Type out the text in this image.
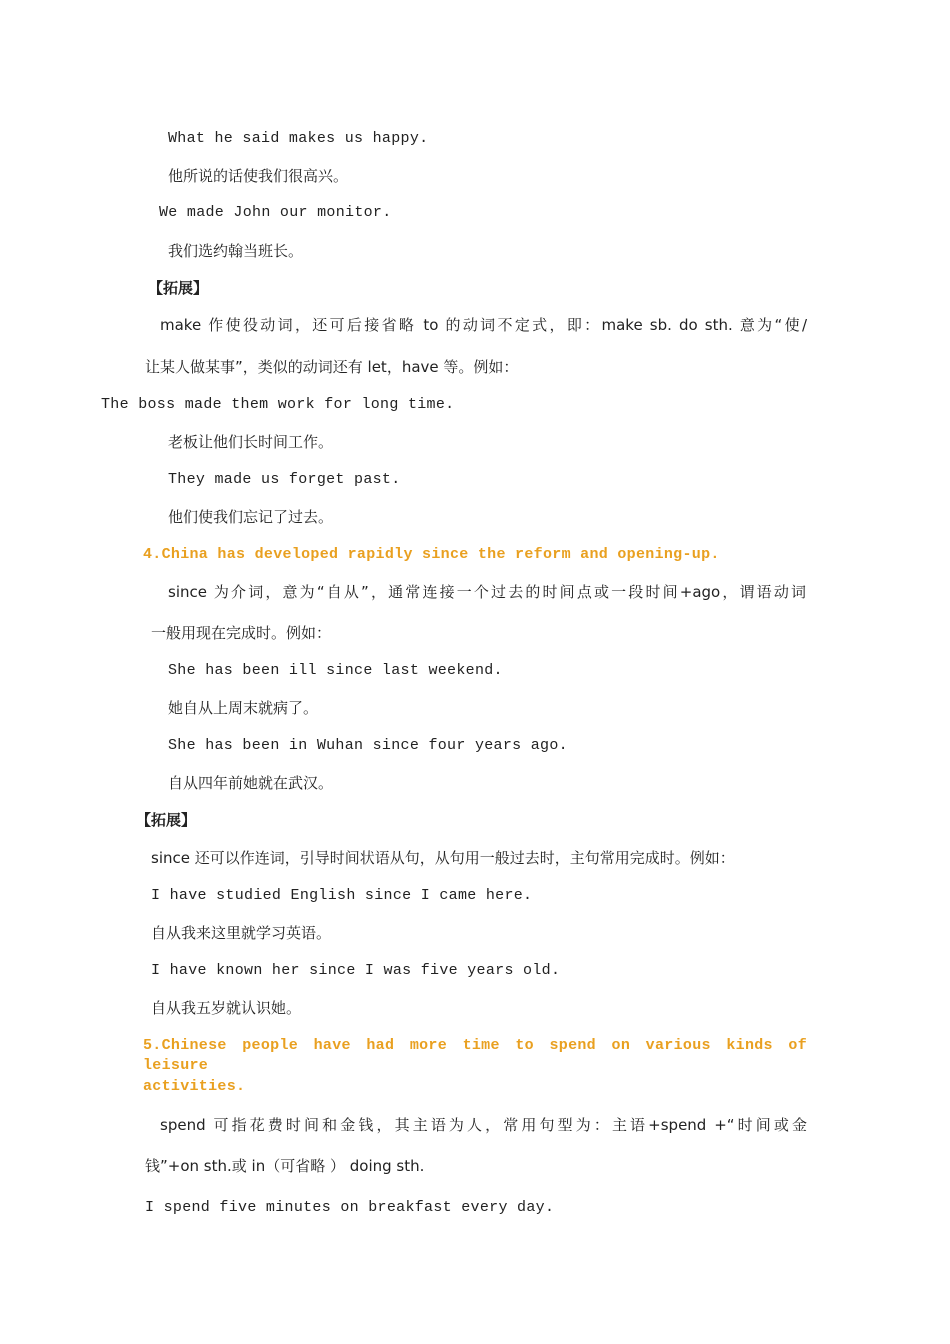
What he said makes us happy.
他所说的话使我们很高兴。
We made John our monitor.
我们选约翰当班长。
【拓展】
make 作使役动词，还可后接省略 to 的动词不定式，即：make sb. do sth. 意为“使/
让某人做某事”，类似的动词还有 let，have 等。例如：
The boss made them work for long time.
老板让他们长时间工作。
They made us forget past.
他们使我们忘记了过去。
4.China has developed rapidly since the reform and opening-up.
since 为介词，意为“自从”，通常连接一个过去的时间点或一段时间+ago，谓语动词
一般用现在完成时。例如：
She has been ill since last weekend.
她自从上周末就病了。
She has been in Wuhan since four years ago.
自从四年前她就在武汉。
【拓展】
since 还可以作连词，引导时间状语从句，从句用一般过去时，主句常用完成时。例如：
I have studied English since I came here.
自从我来这里就学习英语。
I have known her since I was five years old.
自从我五岁就认识她。
5.Chinese people have had more time to spend on various kinds of leisure
activities.
spend 可指花费时间和金钱，其主语为人，常用句型为：主语+spend +“时间或金
钱”+on sth.或 in（可省略 ） doing sth.
I spend five minutes on breakfast every day.
